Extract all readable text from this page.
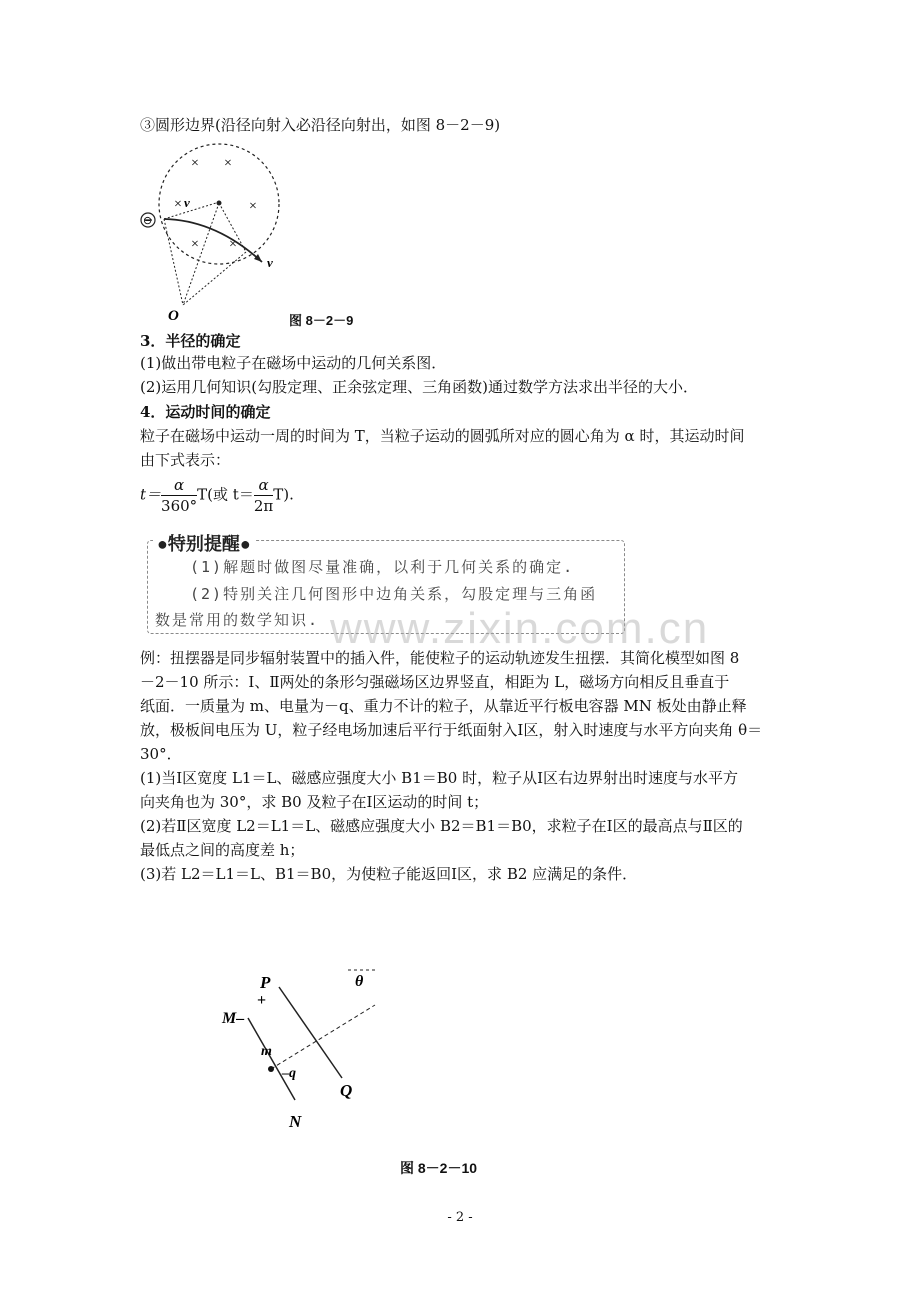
③圆形边界(沿径向射入必沿径向射出，如图 8－2－9)
× ×
×	×
× ×
v
v
⊖
O	图 8－2－9
3．半径的确定
(1)做出带电粒子在磁场中运动的几何关系图．
(2)运用几何知识(勾股定理、正余弦定理、三角函数)通过数学方法求出半径的大小．
4．运动时间的确定
粒子在磁场中运动一周的时间为 T，当粒子运动的圆弧所对应的圆心角为 α 时，其运动时间
由下式表示：
$t= \frac{\alpha}{360^\circ} T$(或 $t= \frac{\alpha}{2\pi} T$).
●特别提醒●
(1)解题时做图尽量准确，以利于几何关系的确定.
(2)特别关注几何图形中边角关系，勾股定理与三角函
数是常用的数学知识. www.zixin.com.cn
例：扭摆器是同步辐射装置中的插入件，能使粒子的运动轨迹发生扭摆．其简化模型如图 8
－2－10 所示：Ⅰ、Ⅱ两处的条形匀强磁场区边界竖直，相距为 L，磁场方向相反且垂直于
纸面．一质量为 m、电量为－q、重力不计的粒子，从靠近平行板电容器 MN 板处由静止释
放，极板间电压为 U，粒子经电场加速后平行于纸面射入Ⅰ区，射入时速度与水平方向夹角 θ＝
30°．
(1)当Ⅰ区宽度 L1＝L、磁感应强度大小 B1＝B0 时，粒子从Ⅰ区右边界射出时速度与水平方
向夹角也为 30°，求 B0 及粒子在Ⅰ区运动的时间 t；
(2)若Ⅱ区宽度 L2＝L1＝L、磁感应强度大小 B2＝B1＝B0，求粒子在Ⅰ区的最高点与Ⅱ区的
最低点之间的高度差 h；
(3)若 L2＝L1＝L、B1＝B0，为使粒子能返回Ⅰ区，求 B2 应满足的条件．
P
+
θ
M–
m
–q
Q
N
图 8－2－10
- 2 -
